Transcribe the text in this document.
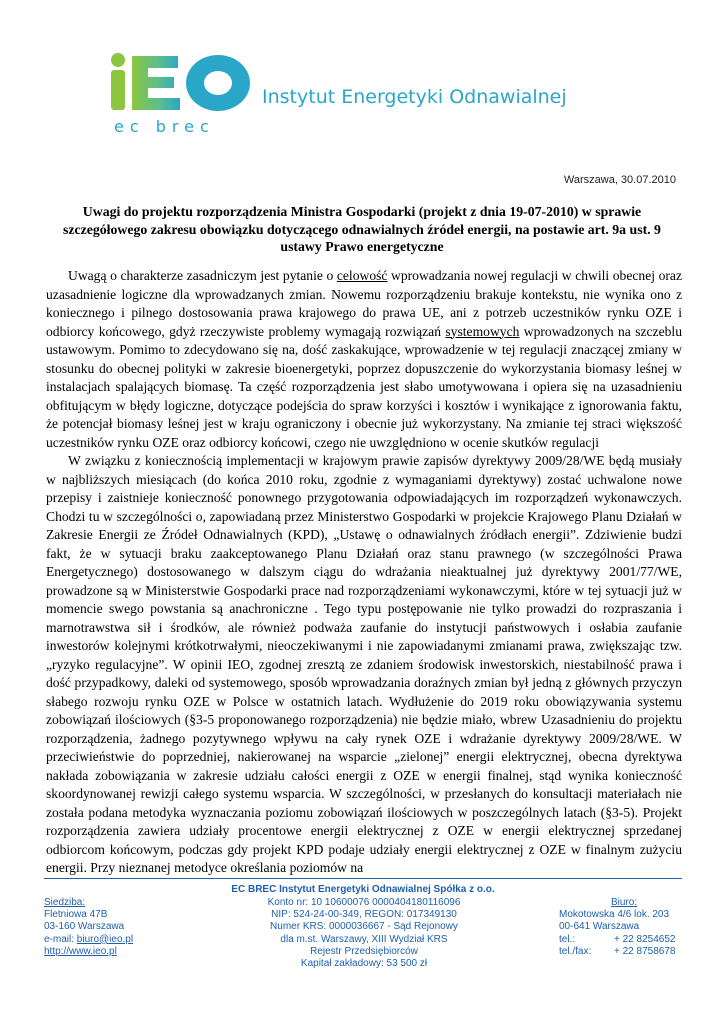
ec brec
Instytut Energetyki Odnawialnej
Warszawa, 30.07.2010
Uwagi do projektu rozporządzenia Ministra Gospodarki (projekt z dnia 19-07-2010) w sprawie szczegółowego zakresu obowiązku dotyczącego odnawialnych źródeł energii, na postawie art. 9a ust. 9 ustawy Prawo energetyczne

Uwagą o charakterze zasadniczym jest pytanie o celowość wprowadzania nowej regulacji w chwili obecnej oraz uzasadnienie logiczne dla wprowadzanych zmian. Nowemu rozporządzeniu brakuje kontekstu, nie wynika ono z koniecznego i pilnego dostosowania prawa krajowego do prawa UE, ani z potrzeb uczestników rynku OZE i odbiorcy końcowego, gdyż rzeczywiste problemy wymagają rozwiązań systemowych wprowadzonych na szczeblu ustawowym. Pomimo to zdecydowano się na, dość zaskakujące, wprowadzenie w tej regulacji znaczącej zmiany w stosunku do obecnej polityki w zakresie bioenergetyki, poprzez dopuszczenie do wykorzystania biomasy leśnej w instalacjach spalających biomasę. Ta część rozporządzenia jest słabo umotywowana i opiera się na uzasadnieniu obfitującym w błędy logiczne, dotyczące podejścia do spraw korzyści i kosztów i wynikające z ignorowania faktu, że potencjał biomasy leśnej jest w kraju ograniczony i obecnie już wykorzystany. Na zmianie tej straci większość uczestników rynku OZE oraz odbiorcy końcowi, czego nie uwzględniono w ocenie skutków regulacji

W związku z koniecznością implementacji w krajowym prawie zapisów dyrektywy 2009/28/WE będą musiały w najbliższych miesiącach (do końca 2010 roku, zgodnie z wymaganiami dyrektywy) zostać uchwalone nowe przepisy i zaistnieje konieczność ponownego przygotowania odpowiadających im rozporządzeń wykonawczych. Chodzi tu w szczególności o, zapowiadaną przez Ministerstwo Gospodarki w projekcie Krajowego Planu Działań w Zakresie Energii ze Źródeł Odnawialnych (KPD), „Ustawę o odnawialnych źródłach energii”. Zdziwienie budzi fakt, że w sytuacji braku zaakceptowanego Planu Działań oraz stanu prawnego (w szczególności Prawa Energetycznego) dostosowanego w dalszym ciągu do wdrażania nieaktualnej już dyrektywy 2001/77/WE, prowadzone są w Ministerstwie Gospodarki prace nad rozporządzeniami wykonawczymi, które w tej sytuacji już w momencie swego powstania są anachroniczne . Tego typu postępowanie nie tylko prowadzi do rozpraszania i marnotrawstwa sił i środków, ale również podważa zaufanie do instytucji państwowych i osłabia zaufanie inwestorów kolejnymi krótkotrwałymi, nieoczekiwanymi i nie zapowiadanymi zmianami prawa, zwiększając tzw. „ryzyko regulacyjne”. W opinii IEO, zgodnej zresztą ze zdaniem środowisk inwestorskich, niestabilność prawa i dość przypadkowy, daleki od systemowego, sposób wprowadzania doraźnych zmian był jedną z głównych przyczyn słabego rozwoju rynku OZE w Polsce w ostatnich latach. Wydłużenie do 2019 roku obowiązywania systemu zobowiązań ilościowych (§3-5 proponowanego rozporządzenia) nie będzie miało, wbrew Uzasadnieniu do projektu rozporządzenia, żadnego pozytywnego wpływu na cały rynek OZE i wdrażanie dyrektywy 2009/28/WE. W przeciwieństwie do poprzedniej, nakierowanej na wsparcie „zielonej” energii elektrycznej, obecna dyrektywa nakłada zobowiązania w zakresie udziału całości energii z OZE w energii finalnej, stąd wynika konieczność skoordynowanej rewizji całego systemu wsparcia. W szczególności, w przesłanych do konsultacji materiałach nie została podana metodyka wyznaczania poziomu zobowiązań ilościowych w poszczególnych latach (§3-5). Projekt rozporządzenia zawiera udziały procentowe energii elektrycznej z OZE w energii elektrycznej sprzedanej odbiorcom końcowym, podczas gdy projekt KPD podaje udziały energii elektrycznej z OZE w finalnym zużyciu energii. Przy nieznanej metodyce określania poziomów na

EC BREC Instytut Energetyki Odnawialnej Spółka z o.o.
Siedziba:
Fletniowa 47B
03-160 Warszawa
e-mail: biuro@ieo.pl
http://www.ieo.pl
Konto nr: 10 10600076 0000404180116096
NIP: 524-24-00-349, REGON: 017349130
Numer KRS: 0000036667 - Sąd Rejonowy
dla m.st. Warszawy, XIII Wydział KRS
Rejestr Przedsiębiorców
Kapitał zakładowy: 53 500 zł
Biuro:
Mokotowska 4/6 lok. 203
00-641 Warszawa
tel.:	+ 22 8254652
tel./fax: + 22 8758678
